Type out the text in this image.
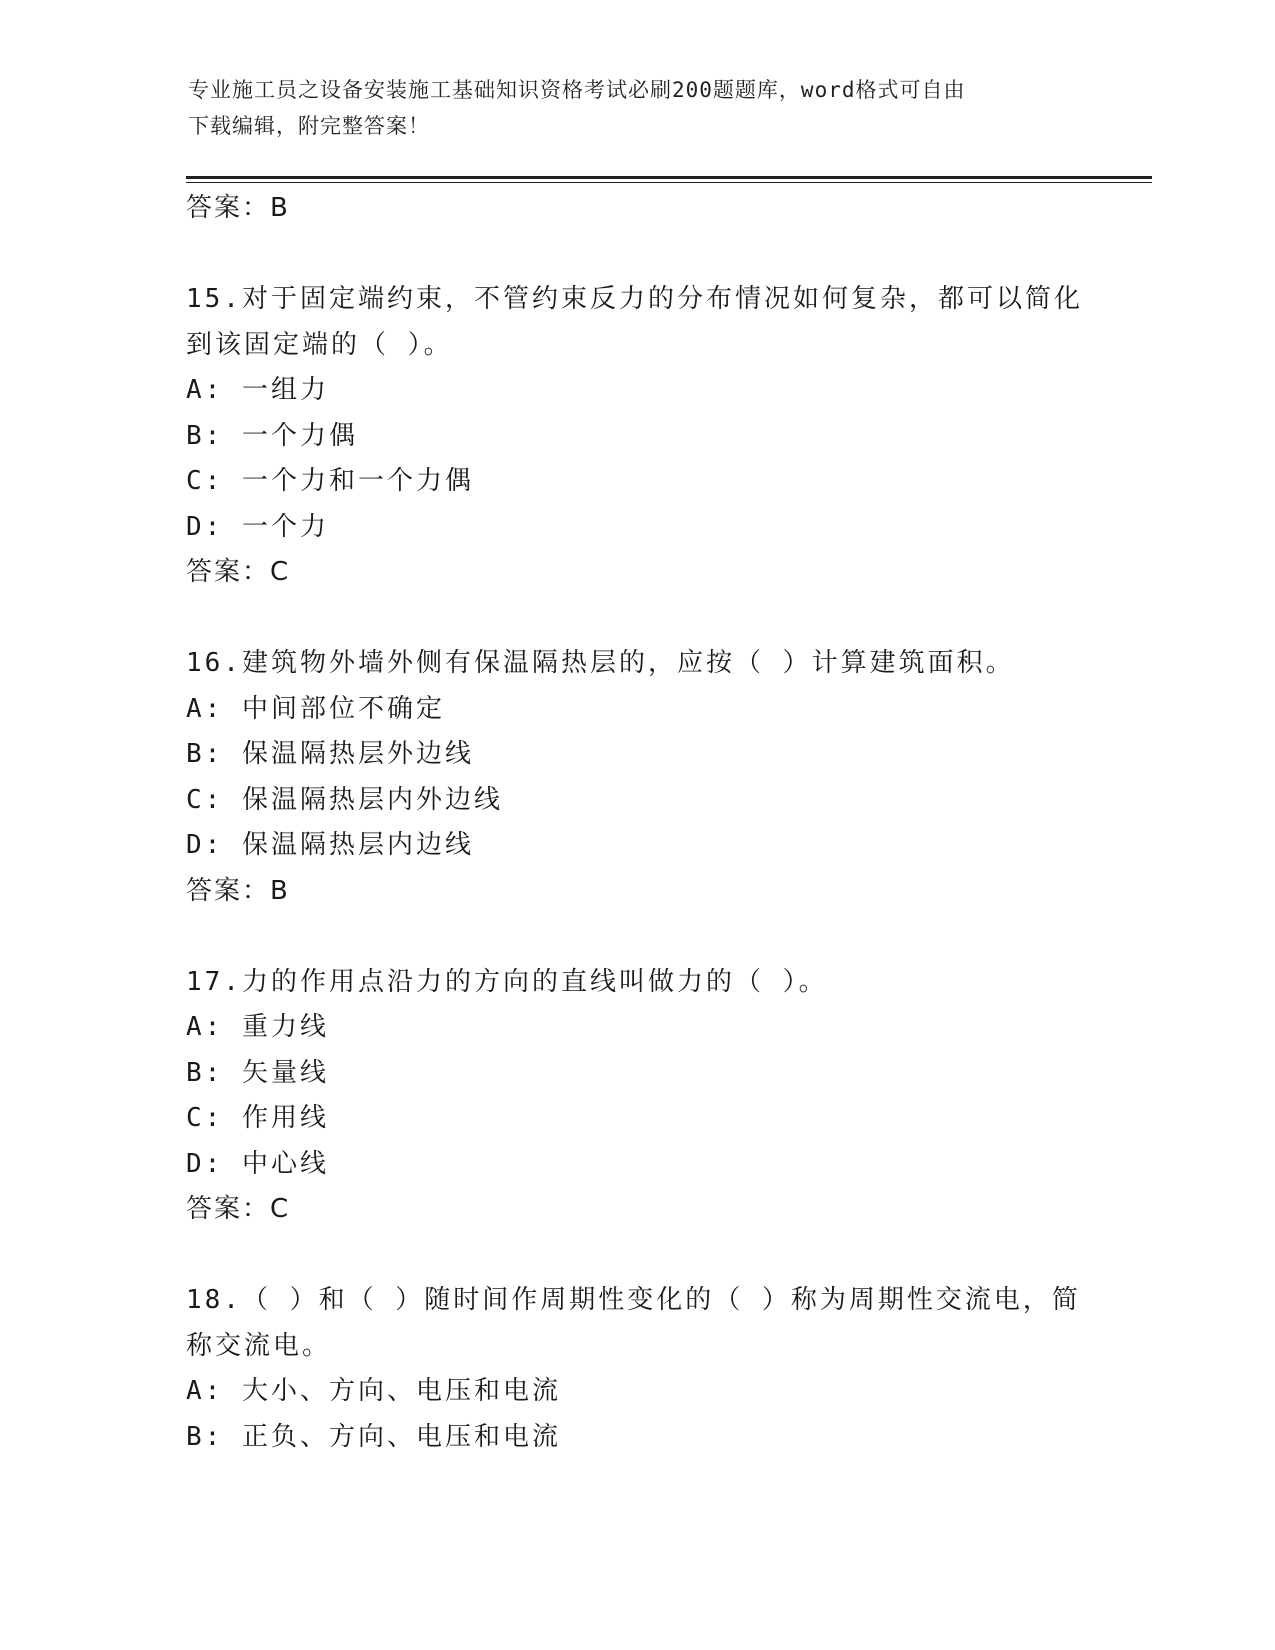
专业施工员之设备安装施工基础知识资格考试必刷200题题库，word格式可自由
下载编辑，附完整答案！
答案：B
15.对于固定端约束，不管约束反力的分布情况如何复杂，都可以简化
到该固定端的（ ）。
A: 一组力
B: 一个力偶
C: 一个力和一个力偶
D: 一个力
答案：C
16.建筑物外墙外侧有保温隔热层的，应按（ ）计算建筑面积。
A: 中间部位不确定
B: 保温隔热层外边线
C: 保温隔热层内外边线
D: 保温隔热层内边线
答案：B
17.力的作用点沿力的方向的直线叫做力的（ ）。
A: 重力线
B: 矢量线
C: 作用线
D: 中心线
答案：C
18.（ ）和（ ）随时间作周期性变化的（ ）称为周期性交流电，简
称交流电。
A: 大小、方向、电压和电流
B: 正负、方向、电压和电流
